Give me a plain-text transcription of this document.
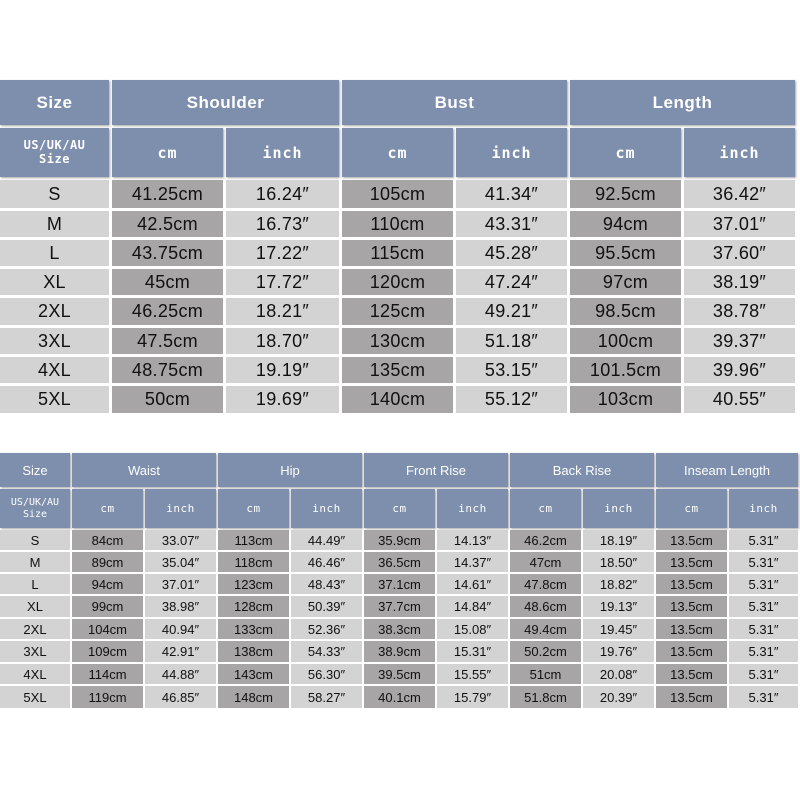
Size	Shoulder	Bust	Length
US/UK/AU
Size	cm	inch	cm	inch	cm	inch
S	41.25cm	16.24″	105cm	41.34″	92.5cm	36.42″
M	42.5cm	16.73″	110cm	43.31″	94cm	37.01″
L	43.75cm	17.22″	115cm	45.28″	95.5cm	37.60″
XL	45cm	17.72″	120cm	47.24″	97cm	38.19″
2XL	46.25cm	18.21″	125cm	49.21″	98.5cm	38.78″
3XL	47.5cm	18.70″	130cm	51.18″	100cm	39.37″
4XL	48.75cm	19.19″	135cm	53.15″	101.5cm	39.96″
5XL	50cm	19.69″	140cm	55.12″	103cm	40.55″
Size	Waist	Hip	Front Rise	Back Rise	Inseam Length
US/UK/AU
Size	cm	inch	cm	inch	cm	inch	cm	inch	cm	inch
S	84cm	33.07″	113cm	44.49″	35.9cm	14.13″	46.2cm	18.19″	13.5cm	5.31″
M	89cm	35.04″	118cm	46.46″	36.5cm	14.37″	47cm	18.50″	13.5cm	5.31″
L	94cm	37.01″	123cm	48.43″	37.1cm	14.61″	47.8cm	18.82″	13.5cm	5.31″
XL	99cm	38.98″	128cm	50.39″	37.7cm	14.84″	48.6cm	19.13″	13.5cm	5.31″
2XL	104cm	40.94″	133cm	52.36″	38.3cm	15.08″	49.4cm	19.45″	13.5cm	5.31″
3XL	109cm	42.91″	138cm	54.33″	38.9cm	15.31″	50.2cm	19.76″	13.5cm	5.31″
4XL	114cm	44.88″	143cm	56.30″	39.5cm	15.55″	51cm	20.08″	13.5cm	5.31″
5XL	119cm	46.85″	148cm	58.27″	40.1cm	15.79″	51.8cm	20.39″	13.5cm	5.31″
